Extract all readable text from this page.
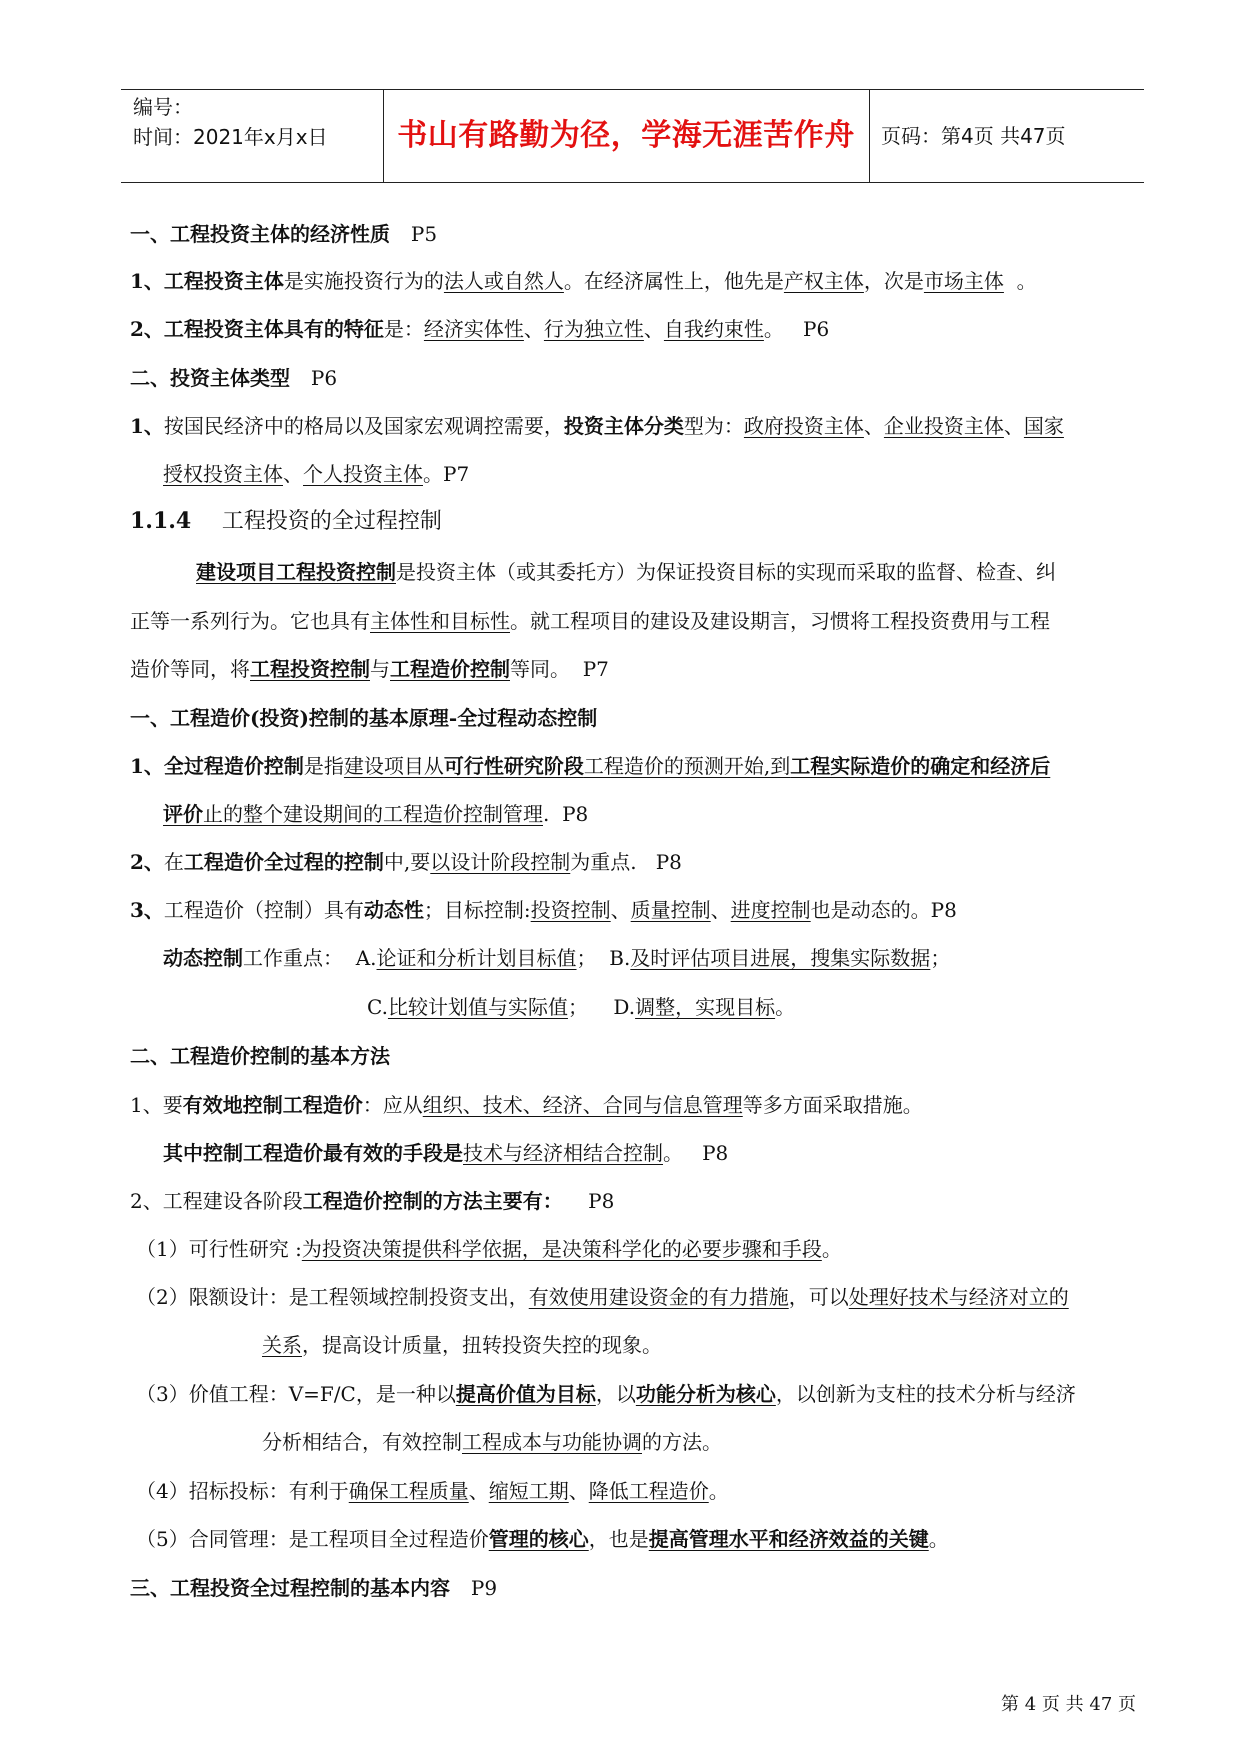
编号：
时间：2021年x月x日	书山有路勤为径，学海无涯苦作舟	页码：第4页 共47页
一、工程投资主体的经济性质 P5
1、工程投资主体是实施投资行为的法人或自然人。在经济属性上，他先是产权主体，次是市场主体 。
2、工程投资主体具有的特征是：经济实体性、行为独立性、自我约束性。 P6
二、投资主体类型 P6
1、按国民经济中的格局以及国家宏观调控需要，投资主体分类型为：政府投资主体、企业投资主体、国家
授权投资主体、个人投资主体。P7
1.1.4 工程投资的全过程控制
建设项目工程投资控制是投资主体（或其委托方）为保证投资目标的实现而采取的监督、检查、纠
正等一系列行为。它也具有主体性和目标性。就工程项目的建设及建设期言，习惯将工程投资费用与工程
造价等同，将工程投资控制与工程造价控制等同。 P7
一、工程造价(投资)控制的基本原理-全过程动态控制
1、全过程造价控制是指建设项目从可行性研究阶段工程造价的预测开始,到工程实际造价的确定和经济后
评价止的整个建设期间的工程造价控制管理. P8
2、在工程造价全过程的控制中,要以设计阶段控制为重点. P8
3、工程造价（控制）具有动态性；目标控制:投资控制、质量控制、进度控制也是动态的。P8
动态控制工作重点： A.论证和分析计划目标值； B.及时评估项目进展，搜集实际数据；
C.比较计划值与实际值； D.调整，实现目标。
二、工程造价控制的基本方法
1、要有效地控制工程造价：应从组织、技术、经济、合同与信息管理等多方面采取措施。
其中控制工程造价最有效的手段是技术与经济相结合控制。 P8
2、工程建设各阶段工程造价控制的方法主要有： P8
（1）可行性研究 :为投资决策提供科学依据，是决策科学化的必要步骤和手段。
（2）限额设计：是工程领域控制投资支出，有效使用建设资金的有力措施，可以处理好技术与经济对立的
关系，提高设计质量，扭转投资失控的现象。
（3）价值工程：V=F/C，是一种以提高价值为目标，以功能分析为核心，以创新为支柱的技术分析与经济
分析相结合，有效控制工程成本与功能协调的方法。
（4）招标投标：有利于确保工程质量、缩短工期、降低工程造价。
（5）合同管理：是工程项目全过程造价管理的核心，也是提高管理水平和经济效益的关键。
三、工程投资全过程控制的基本内容 P9
第 4 页 共 47 页
